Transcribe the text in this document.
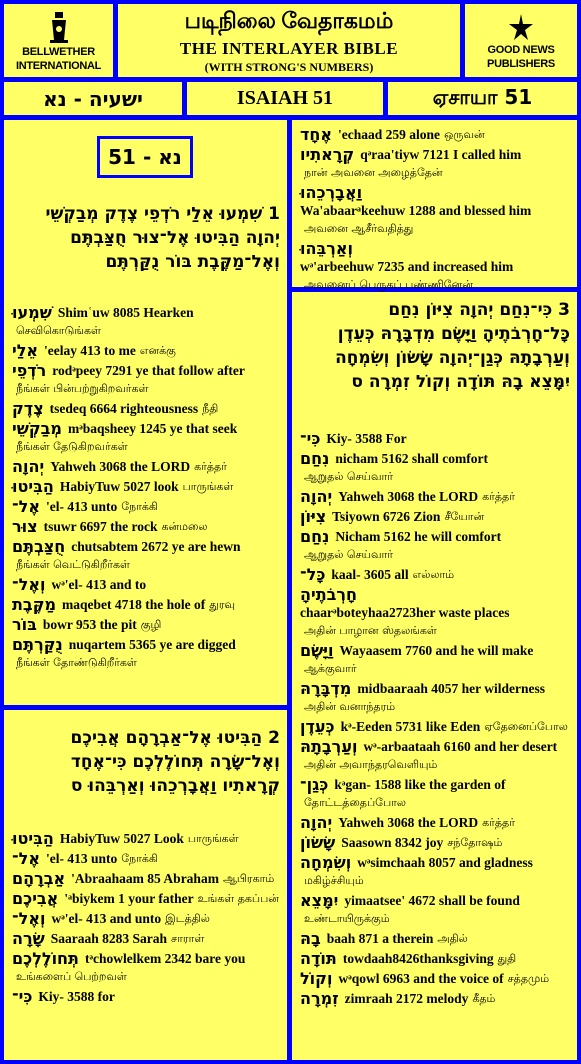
BELLWETHER
INTERNATIONAL
படிநிலை வேதாகமம்
THE INTERLAYER BIBLE
(WITH STRONG'S NUMBERS)
GOOD NEWS
PUBLISHERS
ישעיה - נא	ISAIAH 51	ஏசாயா 51
נא - 51
1 שִׁמְעוּ אֵלַי רֹדְפֵי צֶדֶק מְבַקְשֵׁי יְהוָה הַבִּיטוּ אֶל־צוּר חֻצַּבְתֶּם וְאֶל־מַקֶּבֶת בּוֹר נֻקַּרְתֶּם
שִׁמְעוּ Shimʿuw 8085 Hearken
செவிகொடுங்கள்
אֵלַי 'eelay 413 to me எனக்கு
רֹדְפֵי rodᵊpeey 7291 ye that follow after
நீங்கள் பின்பற்றுகிறவர்கள்
צֶדֶק tsedeq 6664 righteousness நீதி
מְבַקְשֵׁי mᵊbaqsheey 1245 ye that seek
நீங்கள் தேடுகிறவர்கள்
יְהוָה Yahweh 3068 the LORD கர்த்தர்
הַבִּיטוּ HabiyTuw 5027 look பாருங்கள்
אֶל־ 'el- 413 unto நோக்கி
צוּר tsuwr 6697 the rock கன்மலை
חֻצַּבְתֶּם chutsabtem 2672 ye are hewn
நீங்கள் வெட்டுகிறீர்கள்
וְאֶל־ wᵊ'el- 413 and to
מַקֶּבֶת maqebet 4718 the hole of துரவு
בּוֹר bowr 953 the pit குழி
נֻקַּרְתֶּם nuqartem 5365 ye are digged
நீங்கள் தோண்டுகிறீர்கள்
2 הַבִּיטוּ אֶל־אַבְרָהָם אֲבִיכֶם וְאֶל־שָׂרָה תְּחוֹלֶלְכֶם כִּי־אֶחָד קְרָאתִיו וַאֲבָרְכֵהוּ וְאַרְבֵּהוּ ס
הַבִּיטוּ HabiyTuw 5027 Look பாருங்கள்
אֶל־ 'el- 413 unto நோக்கி
אַבְרָהָם 'Abraahaam 85 Abraham ஆபிரகாம்
אֲבִיכֶם 'ᵃbiykem 1 your father உங்கள் தகப்பன்
וְאֶל־ wᵊ'el- 413 and unto இடத்தில்
שָׂרָה Saaraah 8283 Sarah சாராள்
תְּחוֹלֶלְכֶם tᵊchowlelkem 2342 bare you
உங்களைப் பெற்றவள்
כִּי־ Kiy- 3588 for
אֶחָד 'echaad 259 alone ஒருவன்
קְרָאתִיו qᵊraa'tiyw 7121 I called him
நான் அவனை அழைத்தேன்
וַאֲבָרְכֵהוּ
Wa'abaarᵃkeehuw 1288 and blessed him
அவனை ஆசீர்வதித்து
וְאַרְבֵּהוּ
wᵊ'arbeehuw 7235 and increased him
அவனைப் பெருகப் பண்ணினேன்
3 כִּי־נִחַם יְהוָה צִיּוֹן נִחַם כָּל־חָרְבֹתֶיהָ וַיָּשֶׂם מִדְבָּרָהּ כְּעֵדֶן וְעַרְבָתָהּ כְּגַן־יְהוָה שָׂשׂוֹן וְשִׂמְחָה יִמָּצֵא בָהּ תּוֹדָה וְקוֹל זִמְרָה ס
כִּי־ Kiy- 3588 For
נִחַם nicham 5162 shall comfort
ஆறுதல் செய்வார்
יְהוָה Yahweh 3068 the LORD கர்த்தர்
צִיּוֹן Tsiyown 6726 Zion சீயோன்
נִחַם Nicham 5162 he will comfort
ஆறுதல் செய்வார்
כָּל־ kaal- 3605 all எல்லாம்
חָרְבֹתֶיהָ
chaarᵊboteyhaa2723her waste places
அதின் பாழான ஸ்தலங்கள்
וַיָּשֶׂם Wayaasem 7760 and he will make
ஆக்குவார்
מִדְבָּרָהּ midbaaraah 4057 her wilderness
அதின் வனாந்தரம்
כְּעֵדֶן kᵊ-Eeden 5731 like Eden ஏதேனைப்போல
וְעַרְבָתָהּ wᵊ-arbaataah 6160 and her desert
அதின் அவாந்தரவெளியும்
כְּגַן־ kᵊgan- 1588 like the garden of
தோட்டத்தைப்போல
יְהוָה Yahweh 3068 the LORD கர்த்தர்
שָׂשׂוֹן Saasown 8342 joy சந்தோஷம்
וְשִׂמְחָה wᵊsimchaah 8057 and gladness
மகிழ்ச்சியும்
יִמָּצֵא yimaatsee' 4672 shall be found
உண்டாயிருக்கும்
בָהּ baah 871 a therein அதில்
תּוֹדָה towdaah8426thanksgiving துதி
וְקוֹל wᵊqowl 6963 and the voice of சத்தமும்
זִמְרָה zimraah 2172 melody கீதம்
